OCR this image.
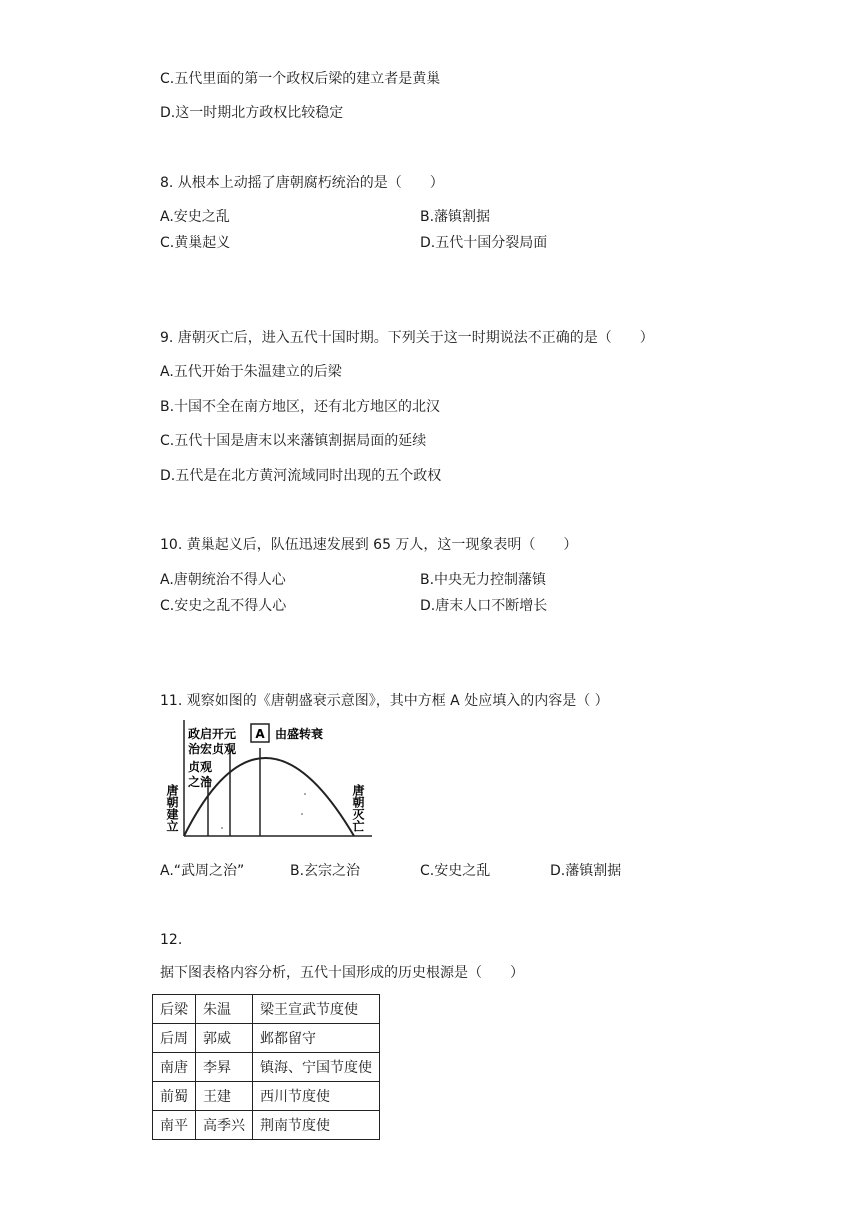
C.五代里面的第一个政权后梁的建立者是黄巢
D.这一时期北方政权比较稳定
8. 从根本上动摇了唐朝腐朽统治的是（　　）
A.安史之乱	B.藩镇割据
C.黄巢起义	D.五代十国分裂局面
9. 唐朝灭亡后，进入五代十国时期。下列关于这一时期说法不正确的是（　　）
A.五代开始于朱温建立的后梁
B.十国不全在南方地区，还有北方地区的北汉
C.五代十国是唐末以来藩镇割据局面的延续
D.五代是在北方黄河流域同时出现的五个政权
10. 黄巢起义后，队伍迅速发展到 65 万人，这一现象表明（　　）
A.唐朝统治不得人心	B.中央无力控制藩镇
C.安史之乱不得人心	D.唐末人口不断增长
11. 观察如图的《唐朝盛衰示意图》，其中方框 A 处应填入的内容是（ ）
A 由盛转衰
政启开元
治宏贞观
贞观
之治
唐朝建立	唐朝灭亡
A.“武周之治”	B.玄宗之治	C.安史之乱	D.藩镇割据
12.
据下图表格内容分析，五代十国形成的历史根源是（　　）
后梁	朱温	梁王宣武节度使
后周	郭威	邺都留守
南唐	李昪	镇海、宁国节度使
前蜀	王建	西川节度使
南平	高季兴	荆南节度使
